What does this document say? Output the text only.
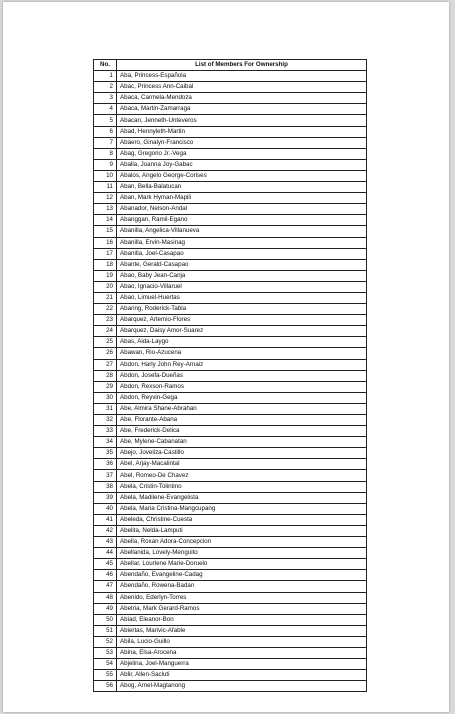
No.	List of Members For Ownership
1	Aba, Princess-Española
2	Abac, Princess Ann-Caibal
3	Abaca, Carmela-Mendoza
4	Abaca, Martin-Zamarraga
5	Abacan, Jenneth-Unteveros
6	Abad, Hennyleth-Martin
7	Abaero, Ginalyn-Francisco
8	Abag, Gregorio Jr.-Vega
9	Aballa, Joanna Joy-Gabac
10	Abalos, Angelo George-Corises
11	Aban, Bella-Balatucan
12	Aban, Mark Hyman-Mapili
13	Abanador, Nelson-Andal
14	Abanggan, Ramil-Egano
15	Abanilla, Angelica-Villanueva
16	Abanilla, Ervin-Masinag
17	Abanilla, Joel-Casapao
18	Abante, Gerald-Casapao
19	Abao, Baby Jean-Canja
20	Abao, Ignacio-Villaruel
21	Abao, Limuel-Huertas
22	Abaring, Roderick-Tabla
23	Abarquez, Artemio-Flores
24	Abarquez, Daisy Amor-Suarez
25	Abas, Aida-Laygo
26	Abawan, Rio-Azucena
27	Abdon, Harly John Rey-Arnaiz
28	Abdon, Josefa-Dueñas
29	Abdon, Rexson-Ramos
30	Abdon, Reyvin-Gega
31	Abe, Almira Shane-Abrahan
32	Abe, Florante-Abana
33	Abe, Frederick-Delica
34	Abe, Mylene-Cabanatan
35	Abejo, Joveliza-Castillo
36	Abel, Arjay-Macalintal
37	Abel, Romeo-De Chavez
38	Abela, Cristin-Tolintino
39	Abela, Madilene-Evangelista
40	Abela, Maria Cristina-Mangcupang
41	Abeleda, Christine-Cuesta
42	Abelita, Nelda-Lamputi
43	Abella, Roxan Adora-Concepcion
44	Abellanida, Lovely-Menguito
45	Abellar, Lourlene Marie-Doruelo
46	Abendaño, Evangeline-Cadag
47	Abendaño, Rowena-Badan
48	Abenido, Ederlyn-Torres
49	Abetria, Mark Gerard-Ramos
50	Abiad, Eleanor-Bon
51	Abiertas, Marivic-Afable
52	Abila, Lucio-Guillo
53	Abina, Elsa-Arocena
54	Abjelina, Joel-Manguerra
55	Ablir, Allen-Sacluti
56	Abog, Arnel-Magtanong
